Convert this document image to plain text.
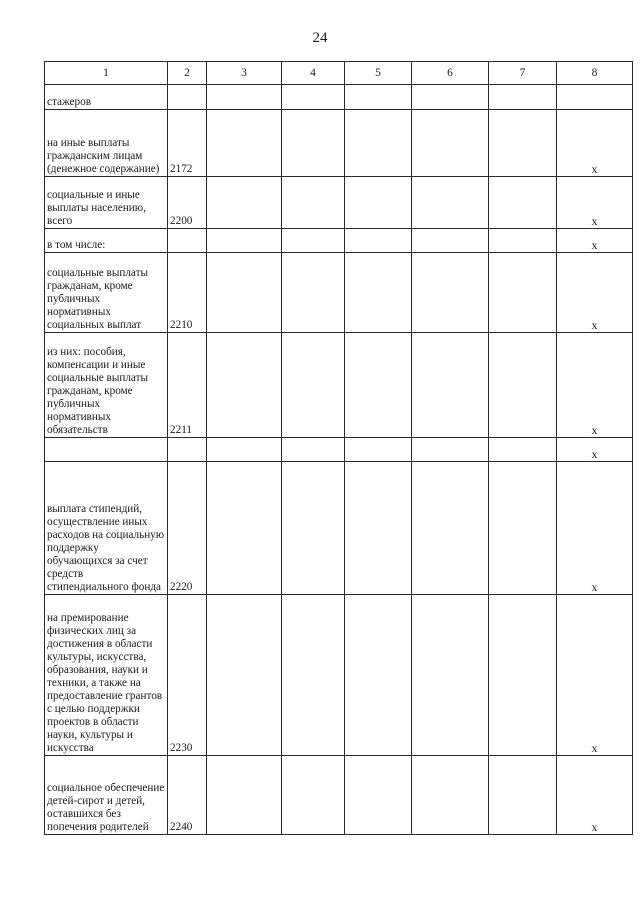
24
1	2	3	4	5	6	7	8
стажеров							
на иные выплаты гражданским лицам (денежное содержание)	2172						x
социальные и иные выплаты населению, всего	2200						x
в том числе:							x
социальные выплаты гражданам, кроме публичных нормативных социальных выплат	2210						x
из них: пособия, компенсации и иные социальные выплаты гражданам, кроме публичных нормативных обязательств	2211						x
							x
выплата стипендий, осуществление иных расходов на социальную поддержку обучающихся за счет средств стипендиального фонда	2220						x
на премирование физических лиц за достижения в области культуры, искусства, образования, науки и техники, а также на предоставление грантов с целью поддержки проектов в области науки, культуры и искусства	2230						x
социальное обеспечение детей-сирот и детей, оставшихся без попечения родителей	2240						x
